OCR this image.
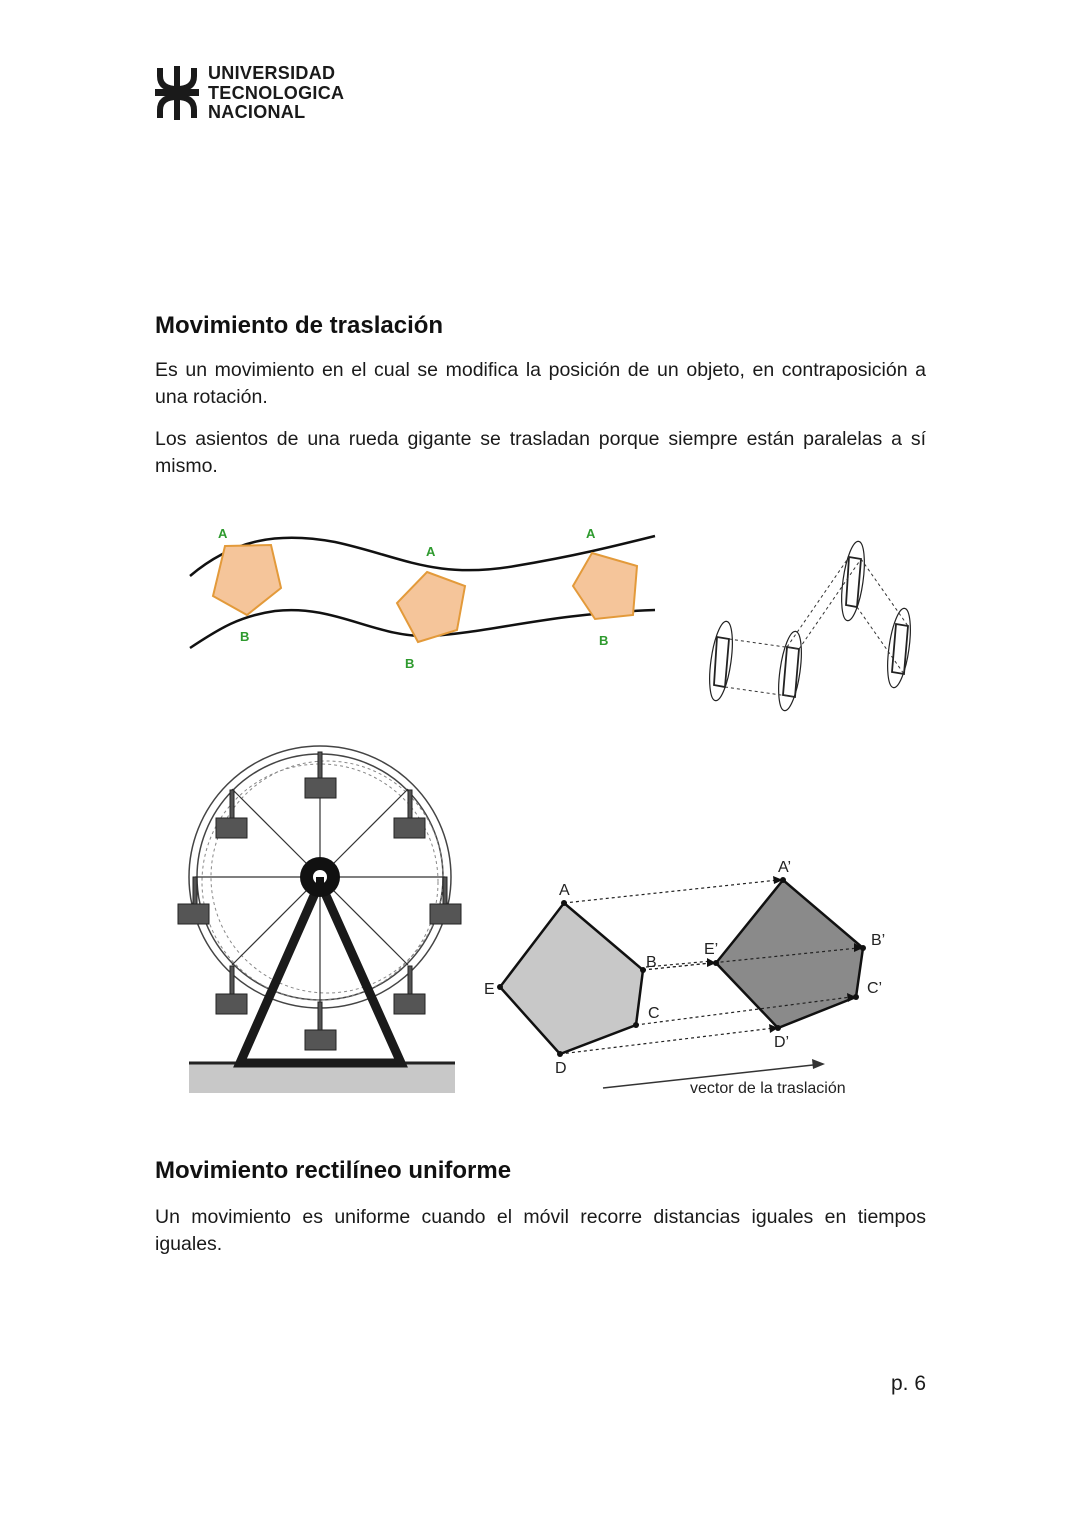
UNIVERSIDAD
TECNOLOGICA
NACIONAL
Movimiento de traslación

Es un movimiento en el cual se modifica la posición de un objeto, en contraposición a una rotación.

Los asientos de una rueda gigante se trasladan porque siempre están paralelas a sí mismo.

A
B
A
B
A
B
A
B
C
D
E
A’
B’
C’
D’
E’
vector de la traslación
Movimiento rectilíneo uniforme

Un movimiento es uniforme cuando el móvil recorre distancias iguales en tiempos iguales.

p. 6
